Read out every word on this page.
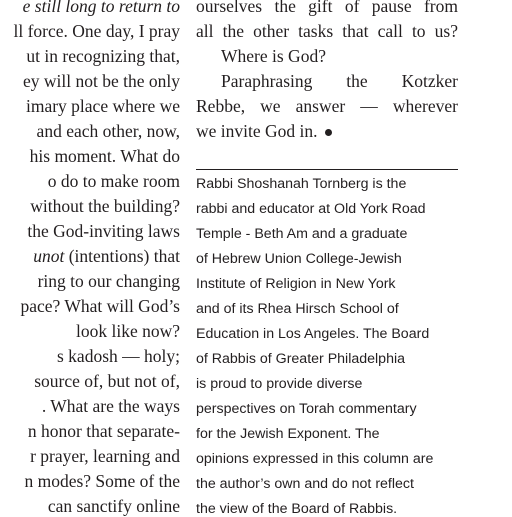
e still long to return to
ll force. One day, I pray
ut in recognizing that,
ey will not be the only
imary place where we
and each other, now,
his moment. What do
o do to make room
without the building?
the God-inviting laws
unot (intentions) that
ring to our changing
pace? What will God’s
look like now?
s kadosh — holy;
source of, but not of,
. What are the ways
n honor that separate-
r prayer, learning and
n modes? Some of the
can sanctify online
ourselves the gift of pause from
all the other tasks that call to us?
Where is God?
Paraphrasing the Kotzker
Rebbe, we answer — wherever
we invite God in.
Rabbi Shoshanah Tornberg is the
rabbi and educator at Old York Road
Temple - Beth Am and a graduate
of Hebrew Union College-Jewish
Institute of Religion in New York
and of its Rhea Hirsch School of
Education in Los Angeles. The Board
of Rabbis of Greater Philadelphia
is proud to provide diverse
perspectives on Torah commentary
for the Jewish Exponent. The
opinions expressed in this column are
the author’s own and do not reflect
the view of the Board of Rabbis.
